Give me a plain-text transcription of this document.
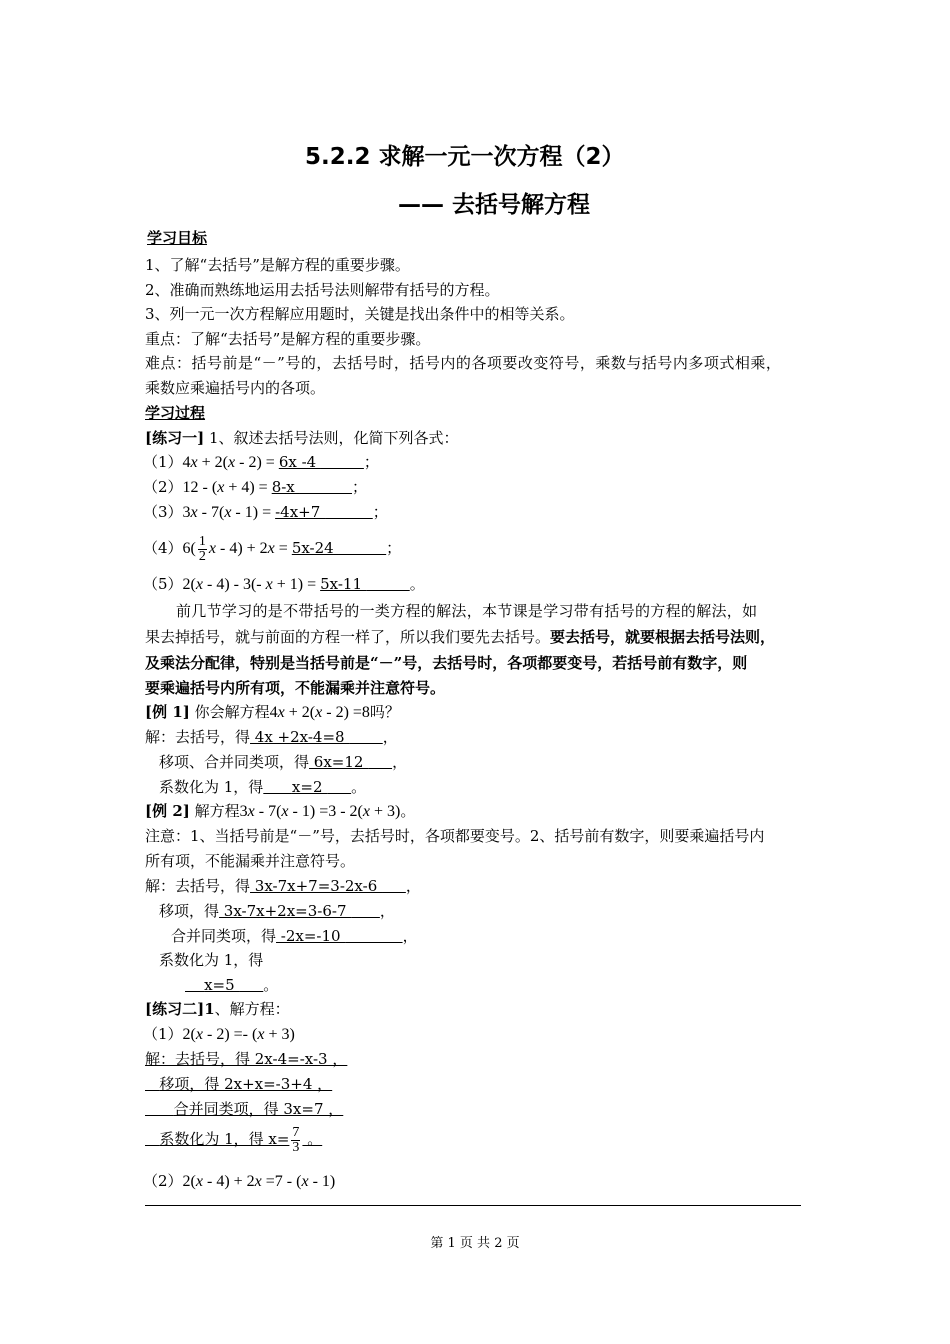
5.2.2 求解一元一次方程（2）
—— 去括号解方程
学习目标
1、了解“去括号”是解方程的重要步骤。
2、准确而熟练地运用去括号法则解带有括号的方程。
3、列一元一次方程解应用题时，关键是找出条件中的相等关系。
重点：了解“去括号”是解方程的重要步骤。
难点：括号前是“－”号的，去括号时，括号内的各项要改变符号，乘数与括号内多项式相乘，
乘数应乘遍括号内的各项。
学习过程
[练习一] 1、叙述去括号法则，化简下列各式：
（1）4x + 2(x - 2) = 6x -4	；
（2）12 - (x + 4) = 8-x	；
（3）3x - 7(x - 1) = -4x+7	；
$(4)6( \frac{1}{2}$ x - 4) + 2x = 5x-24	；
（5）2(x - 4) - 3(- x + 1) = 5x-11	。
前几节学习的是不带括号的一类方程的解法，本节课是学习带有括号的方程的解法，如
果去掉括号，就与前面的方程一样了，所以我们要先去括号。要去括号，就要根据去括号法则，
及乘法分配律，特别是当括号前是“－”号，去括号时，各项都要变号，若括号前有数字，则
要乘遍括号内所有项，不能漏乘并注意符号。
[例 1] 你会解方程4x + 2(x - 2) =8吗？
解：去括号，得 4x +2x-4=8        ，
移项、合并同类项，得 6x=12      ，
系数化为 1，得 x=2      。
[例 2] 解方程3x - 7(x - 1) =3 - 2(x + 3)。
注意：1、当括号前是“－”号，去括号时，各项都要变号。2、括号前有数字，则要乘遍括号内
所有项，不能漏乘并注意符号。
解：去括号，得 3x-7x+7=3-2x-6      ，
移项，得 3x-7x+2x=3-6-7       ，
合并同类项，得 -2x=-10	，
系数化为 1，得
x=5      。
[练习二]1、解方程：
（1）2(x - 2) =- (x + 3)
解：去括号，得 2x-4=-x-3 ，
移项，得 2x+x=-3+4 ，
合并同类项，得 3x=7 ，
系数化为 1，得 $x= \frac{7}{3}$ 。
（2）2(x - 4) + 2x =7 - (x - 1)
第 1 页 共 2 页
